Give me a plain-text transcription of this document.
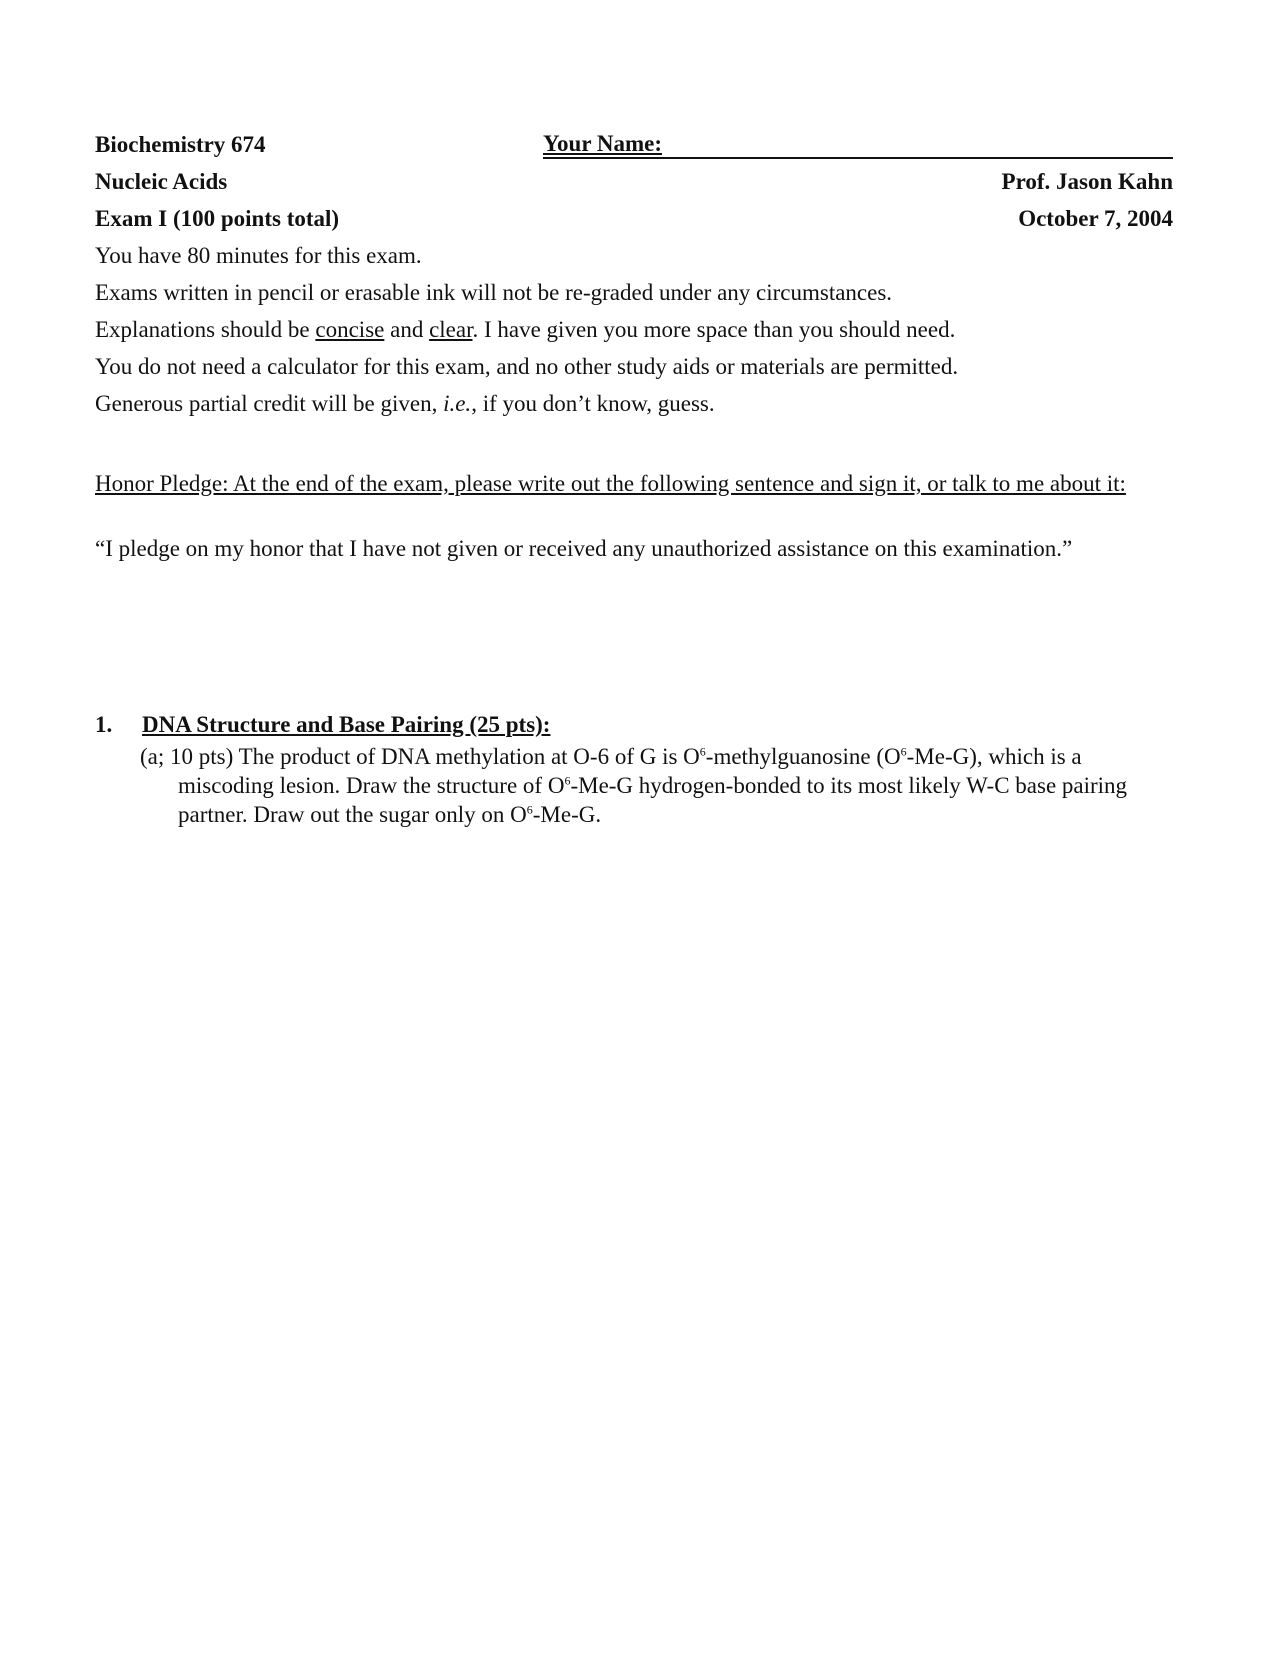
Biochemistry 674	Your Name:
Nucleic Acids	Prof. Jason Kahn
Exam I (100 points total)	October 7, 2004
You have 80 minutes for this exam.
Exams written in pencil or erasable ink will not be re-graded under any circumstances.
Explanations should be concise and clear. I have given you more space than you should need.
You do not need a calculator for this exam, and no other study aids or materials are permitted.
Generous partial credit will be given, i.e., if you don’t know, guess.
Honor Pledge: At the end of the exam, please write out the following sentence and sign it, or talk to me about it:
“I pledge on my honor that I have not given or received any unauthorized assistance on this examination.”
1. DNA Structure and Base Pairing (25 pts):

(a; 10 pts) The product of DNA methylation at O-6 of G is $O^6$-methylguanosine $(O^6-Me-G)$, which is a miscoding lesion. Draw the structure of $O^6-Me-G$ hydrogen-bonded to its most likely W-C base pairing partner. Draw out the sugar only on $O^6-Me-G$.
